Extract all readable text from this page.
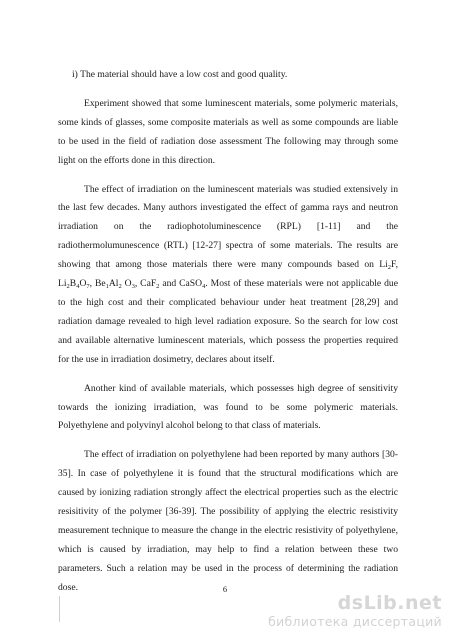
i) The material should have a low cost and good quality.

Experiment showed that some luminescent materials, some polymeric materials, some kinds of glasses, some composite materials as well as some compounds are liable to be used in the field of radiation dose assessment The following may through some light on the efforts done in this direction.

The effect of irradiation on the luminescent materials was studied extensively in the last few decades. Many authors investigated the effect of gamma rays and neutron irradiation on the radiophotoluminescence (RPL) [1-11] and the radiothermolumunescence (RTL) [12-27] spectra of some materials. The results are showing that among those materials there were many compounds based on $Li_2F$, $Li_2B_4O_7$, $Be_1Al_2$ $O_3$, CaF$_2$ and CaSO$_4$. Most of these materials were not applicable due to the high cost and their complicated behaviour under heat treatment [28,29] and radiation damage revealed to high level radiation exposure. So the search for low cost and available alternative luminescent materials, which possess the properties required for the use in irradiation dosimetry, declares about itself.

Another kind of available materials, which possesses high degree of sensitivity towards the ionizing irradiation, was found to be some polymeric materials. Polyethylene and polyvinyl alcohol belong to that class of materials.

The effect of irradiation on polyethylene had been reported by many authors [30-35]. In case of polyethylene it is found that the structural modifications which are caused by ionizing radiation strongly affect the electrical properties such as the electric resisitivity of the polymer [36-39]. The possibility of applying the electric resistivity measurement technique to measure the change in the electric resistivity of polyethylene, which is caused by irradiation, may help to find a relation between these two parameters. Such a relation may be used in the process of determining the radiation dose.	6
dsLib.net
библиотека диссертаций
